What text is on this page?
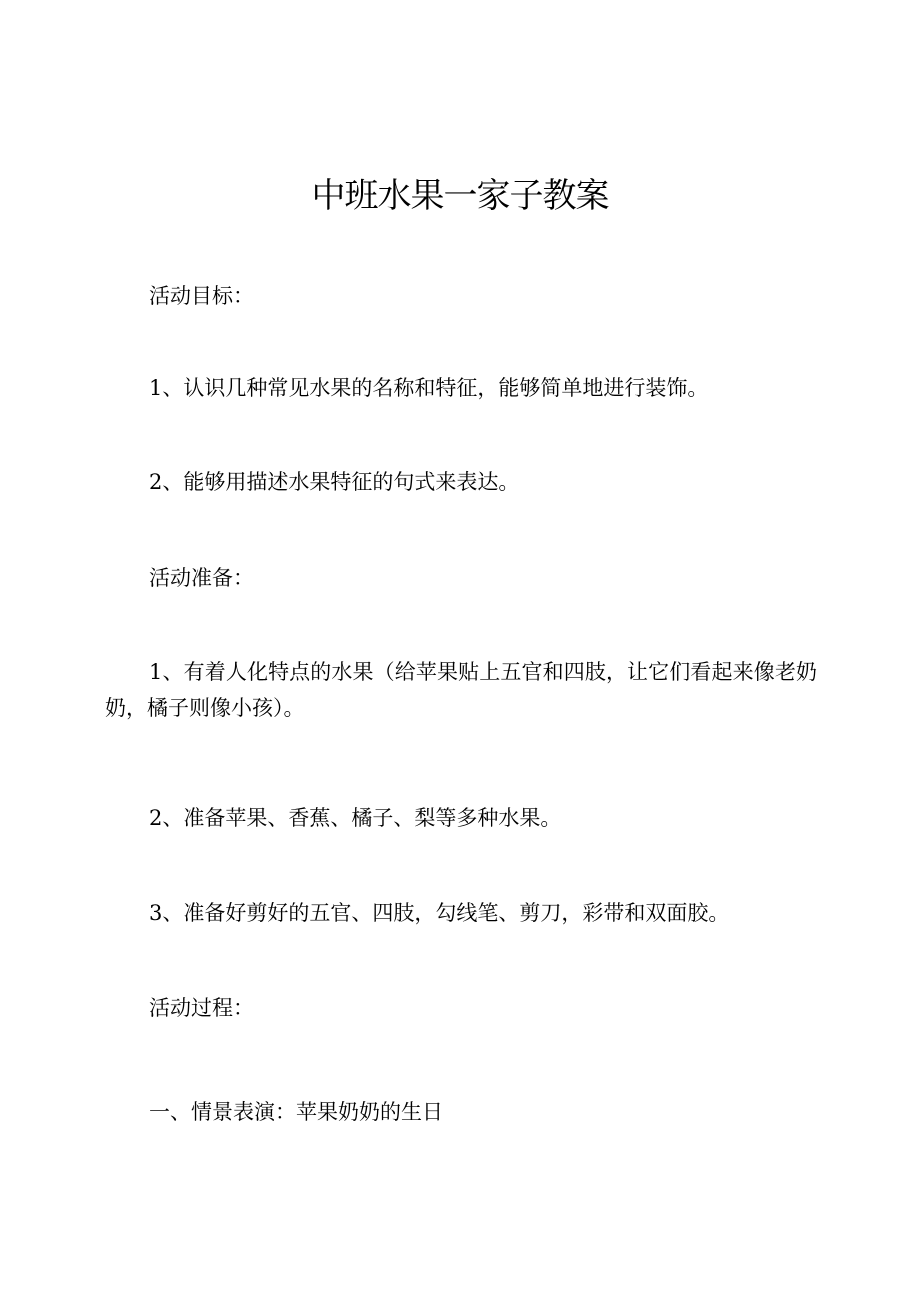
中班水果一家子教案

活动目标：

1、认识几种常见水果的名称和特征，能够简单地进行装饰。

2、能够用描述水果特征的句式来表达。

活动准备：

1、有着人化特点的水果（给苹果贴上五官和四肢，让它们看起来像老奶奶，橘子则像小孩）。

2、准备苹果、香蕉、橘子、梨等多种水果。

3、准备好剪好的五官、四肢，勾线笔、剪刀，彩带和双面胶。

活动过程：

一、情景表演：苹果奶奶的生日
